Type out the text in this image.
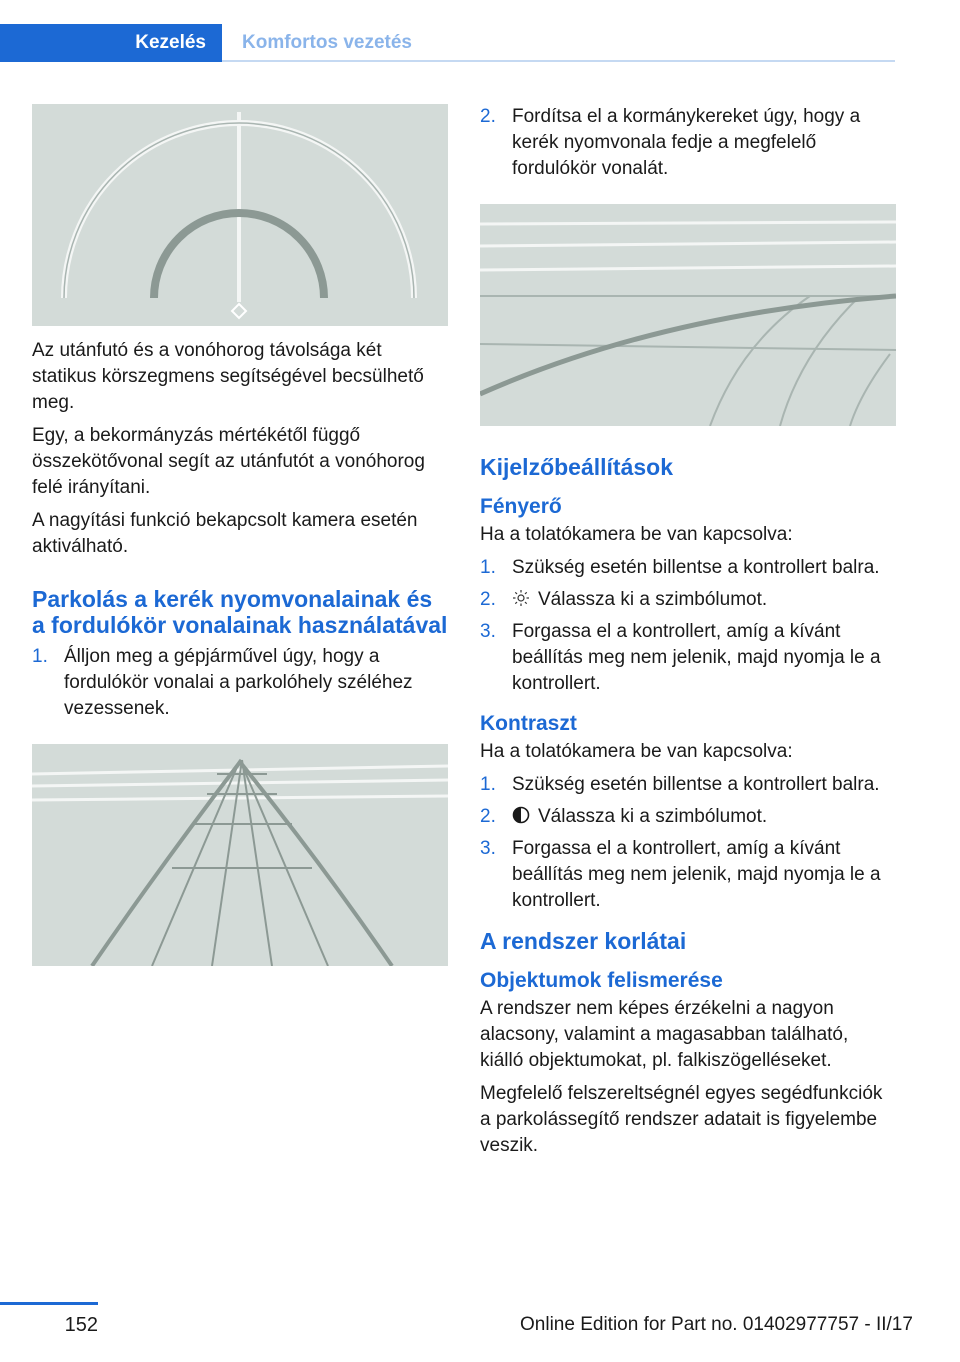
Kezelés	Komfortos vezetés

Az utánfutó és a vonóhorog távolsága két statikus körszegmens segítségével becsülhető meg.

Egy, a bekormányzás mértékétől függő összekötővonal segít az utánfutót a vonóhorog felé irányítani.

A nagyítási funkció bekapcsolt kamera esetén aktiválható.

Parkolás a kerék nyomvonalainak és a fordulókör vonalainak használatával
1. Álljon meg a gépjárművel úgy, hogy a fordulókör vonalai a parkolóhely széléhez vezessenek.
2. Fordítsa el a kormánykereket úgy, hogy a kerék nyomvonala fedje a megfelelő fordulókör vonalát.
Kijelzőbeállítások
Fényerő

Ha a tolatókamera be van kapcsolva:

1. Szükség esetén billentse a kontrollert balra.
2. Válassza ki a szimbólumot.
3. Forgassa el a kontrollert, amíg a kívánt beállítás meg nem jelenik, majd nyomja le a kontrollert.
Kontraszt

Ha a tolatókamera be van kapcsolva:

1. Szükség esetén billentse a kontrollert balra.
2. Válassza ki a szimbólumot.
3. Forgassa el a kontrollert, amíg a kívánt beállítás meg nem jelenik, majd nyomja le a kontrollert.
A rendszer korlátai
Objektumok felismerése

A rendszer nem képes érzékelni a nagyon alacsony, valamint a magasabban található, kiálló objektumokat, pl. falkiszögelléseket.

Megfelelő felszereltségnél egyes segédfunkciók a parkolássegítő rendszer adatait is figyelembe veszik.

152	Online Edition for Part no. 01402977757 - II/17
